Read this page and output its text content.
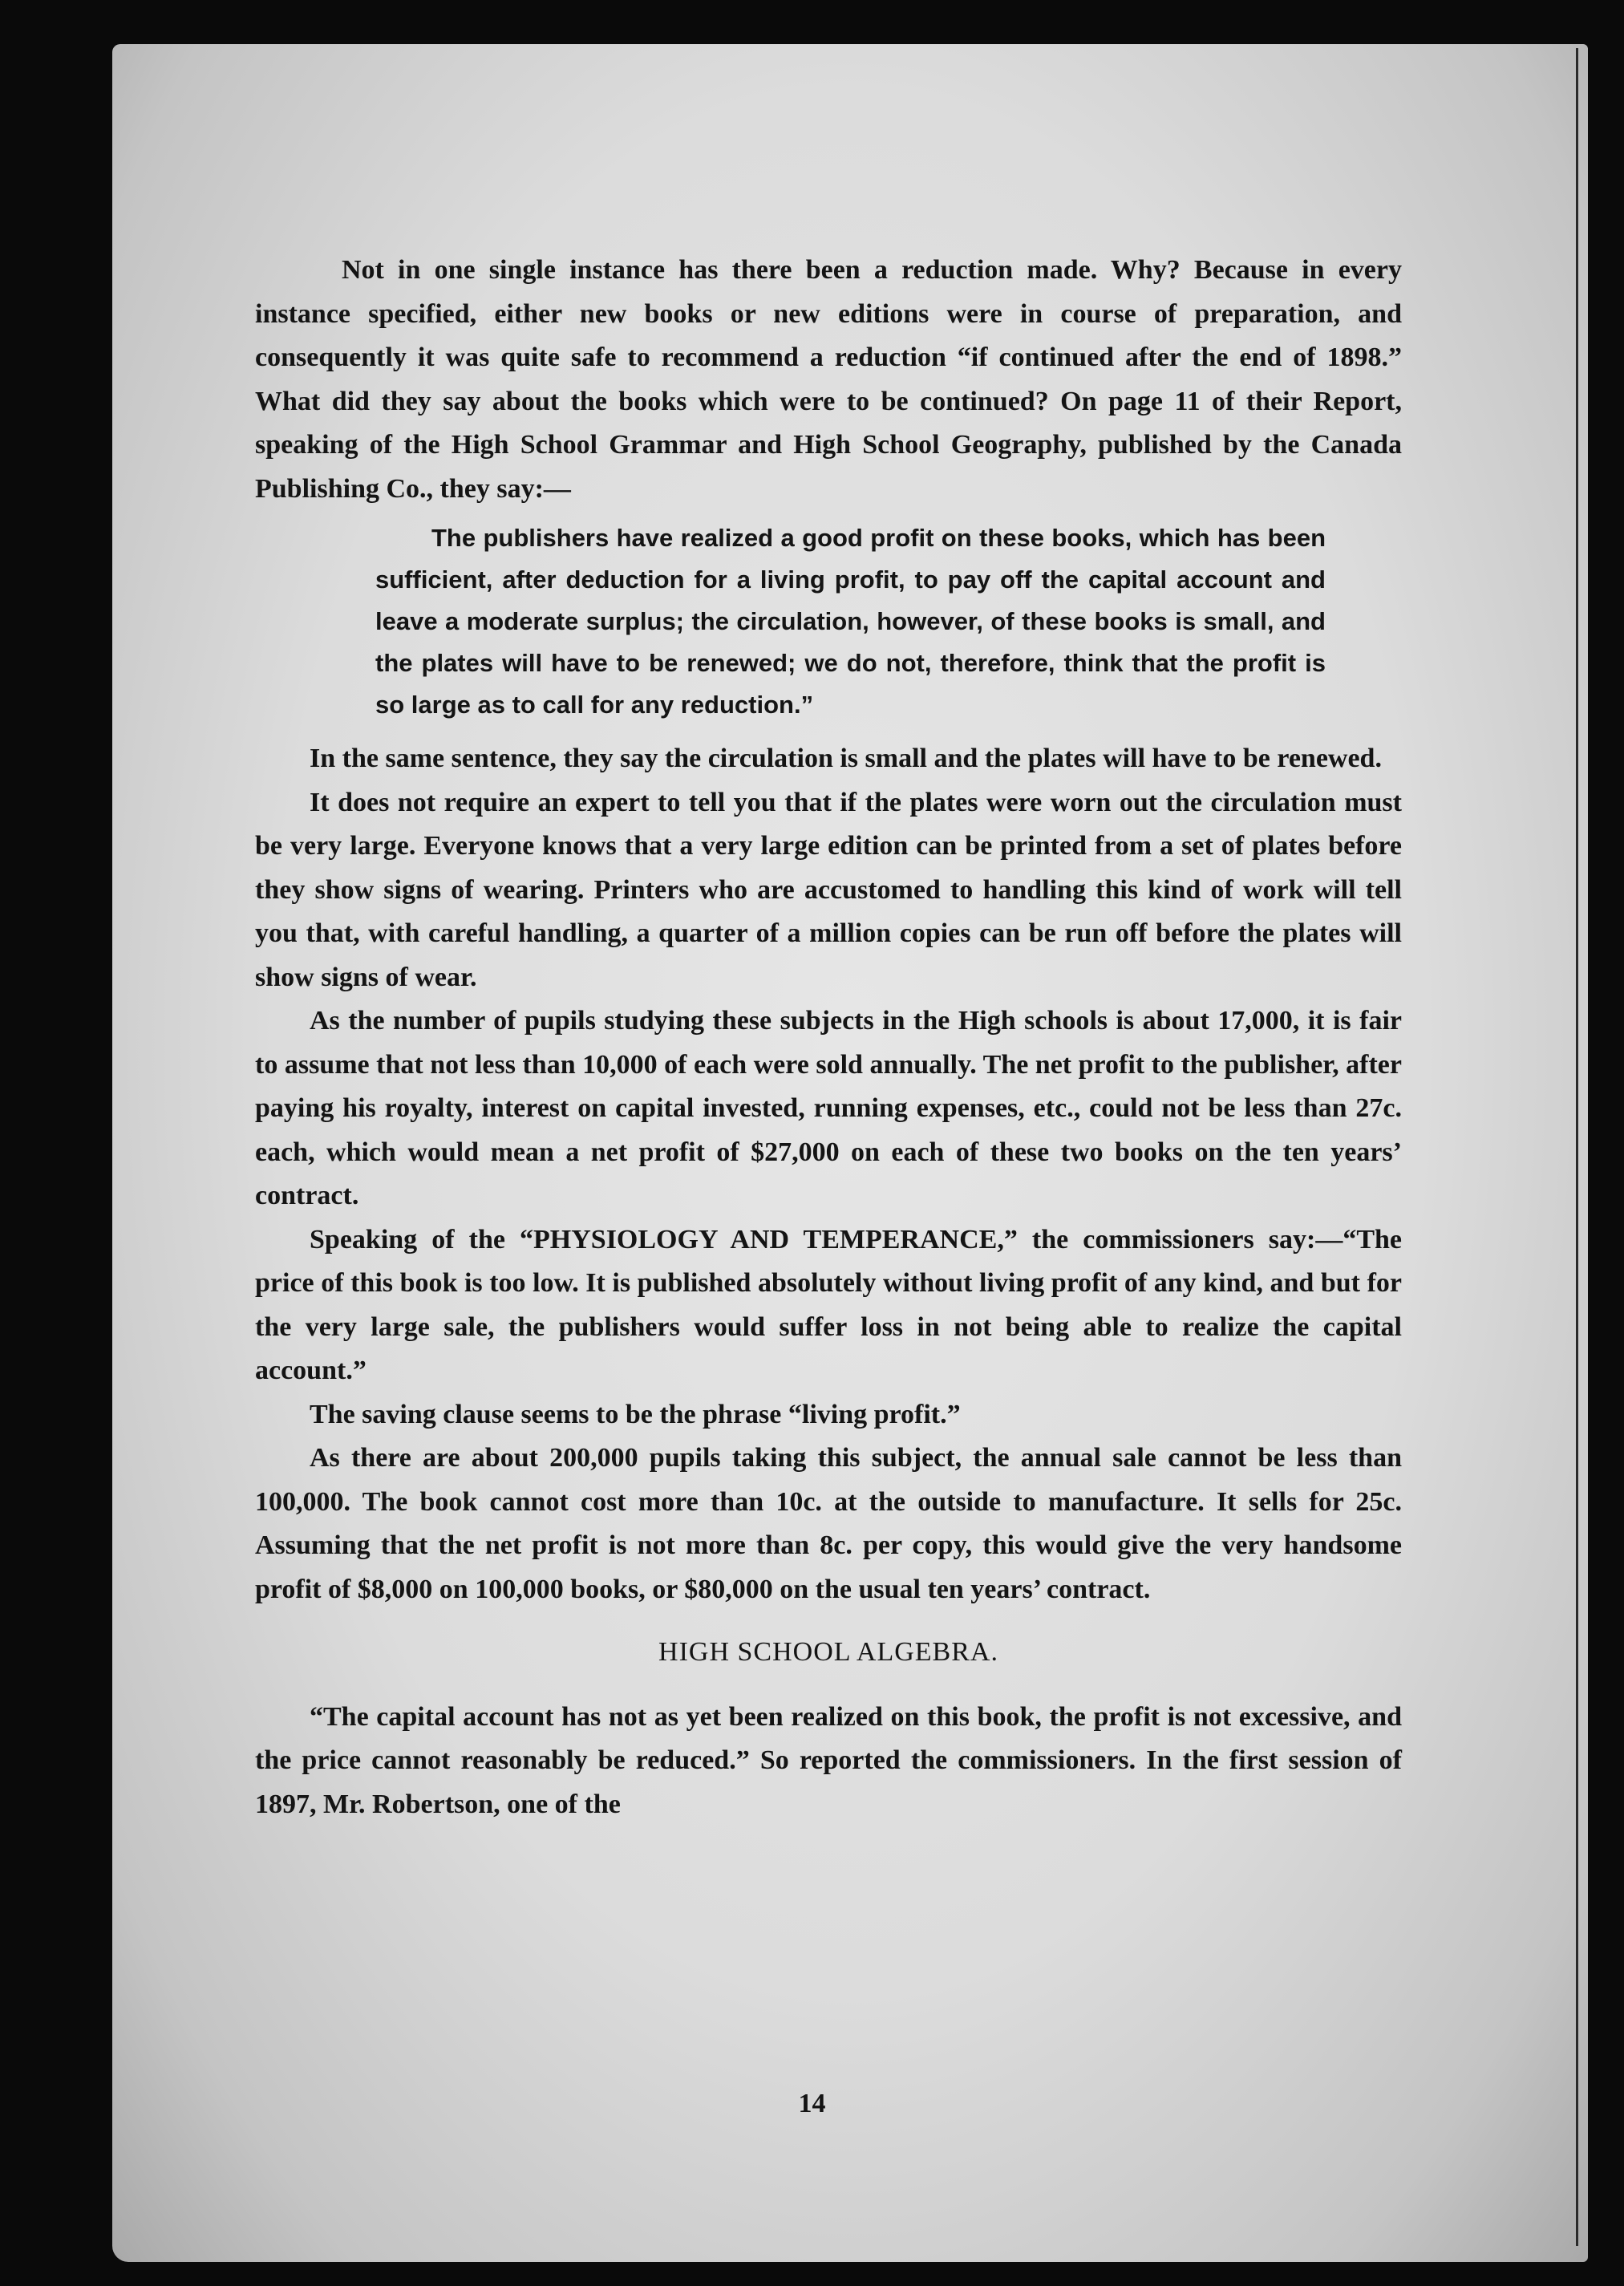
Not in one single instance has there been a reduction made. Why? Because in every instance specified, either new books or new editions were in course of preparation, and consequently it was quite safe to recommend a reduction “if continued after the end of 1898.” What did they say about the books which were to be continued? On page 11 of their Report, speaking of the High School Grammar and High School Geography, published by the Canada Publishing Co., they say:—

The publishers have realized a good profit on these books, which has been sufficient, after deduction for a living profit, to pay off the capital account and leave a moderate surplus; the circulation, however, of these books is small, and the plates will have to be renewed; we do not, therefore, think that the profit is so large as to call for any reduction.”

In the same sentence, they say the circulation is small and the plates will have to be renewed.

It does not require an expert to tell you that if the plates were worn out the circulation must be very large. Everyone knows that a very large edition can be printed from a set of plates before they show signs of wearing. Printers who are accustomed to handling this kind of work will tell you that, with careful handling, a quarter of a million copies can be run off before the plates will show signs of wear.

As the number of pupils studying these subjects in the High schools is about 17,000, it is fair to assume that not less than 10,000 of each were sold annually. The net profit to the publisher, after paying his royalty, interest on capital invested, running expenses, etc., could not be less than 27c. each, which would mean a net profit of $27,000 on each of these two books on the ten years’ contract.

Speaking of the “PHYSIOLOGY AND TEMPERANCE,” the commissioners say:—“The price of this book is too low. It is published absolutely without living profit of any kind, and but for the very large sale, the publishers would suffer loss in not being able to realize the capital account.”

The saving clause seems to be the phrase “living profit.”

As there are about 200,000 pupils taking this subject, the annual sale cannot be less than 100,000. The book cannot cost more than 10c. at the outside to manufacture. It sells for 25c. Assuming that the net profit is not more than 8c. per copy, this would give the very handsome profit of $8,000 on 100,000 books, or $80,000 on the usual ten years’ contract.

HIGH SCHOOL ALGEBRA.

“The capital account has not as yet been realized on this book, the profit is not excessive, and the price cannot reasonably be reduced.” So reported the commissioners. In the first session of 1897, Mr. Robertson, one of the

14
